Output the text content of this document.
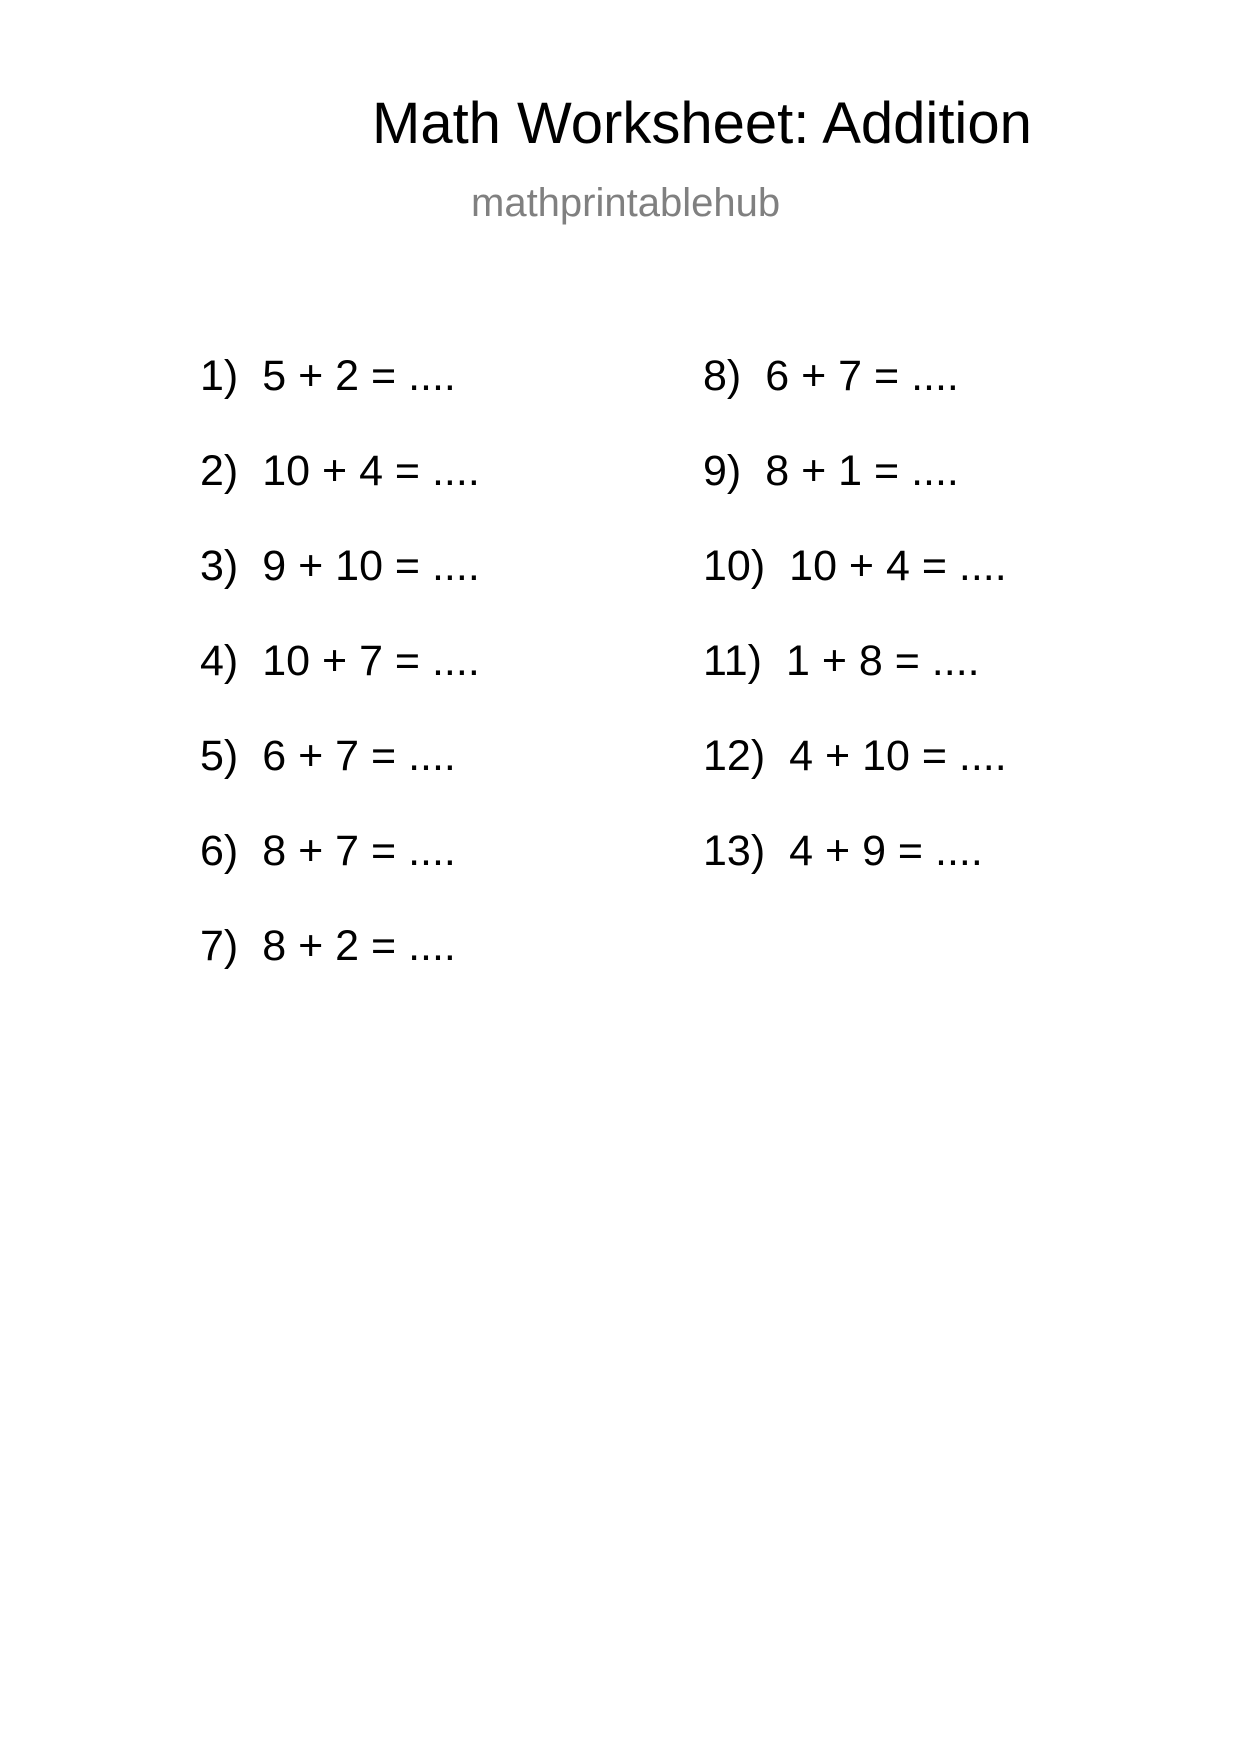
Math Worksheet: Addition
mathprintablehub
1) 5 + 2 = ....
2) 10 + 4 = ....
3) 9 + 10 = ....
4) 10 + 7 = ....
5) 6 + 7 = ....
6) 8 + 7 = ....
7) 8 + 2 = ....
8) 6 + 7 = ....
9) 8 + 1 = ....
10) 10 + 4 = ....
11) 1 + 8 = ....
12) 4 + 10 = ....
13) 4 + 9 = ....
